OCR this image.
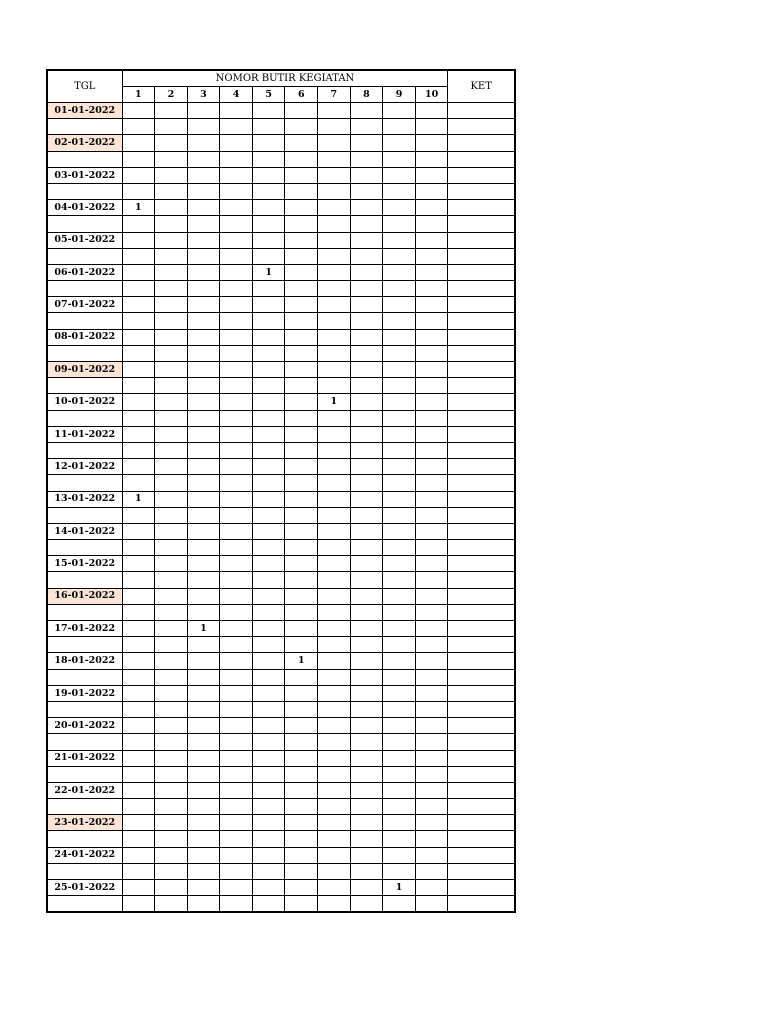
TGL	NOMOR BUTIR KEGIATAN										KET
	1	2	3	4	5	6	7	8	9	10	
01-01-2022											

02-01-2022											

03-01-2022											

04-01-2022	1										

05-01-2022											

06-01-2022					1						

07-01-2022											

08-01-2022											

09-01-2022											

10-01-2022							1				

11-01-2022											

12-01-2022											

13-01-2022	1										

14-01-2022											

15-01-2022											

16-01-2022											

17-01-2022			1								

18-01-2022						1					

19-01-2022											

20-01-2022											

21-01-2022											

22-01-2022											

23-01-2022											

24-01-2022											

25-01-2022									1		
